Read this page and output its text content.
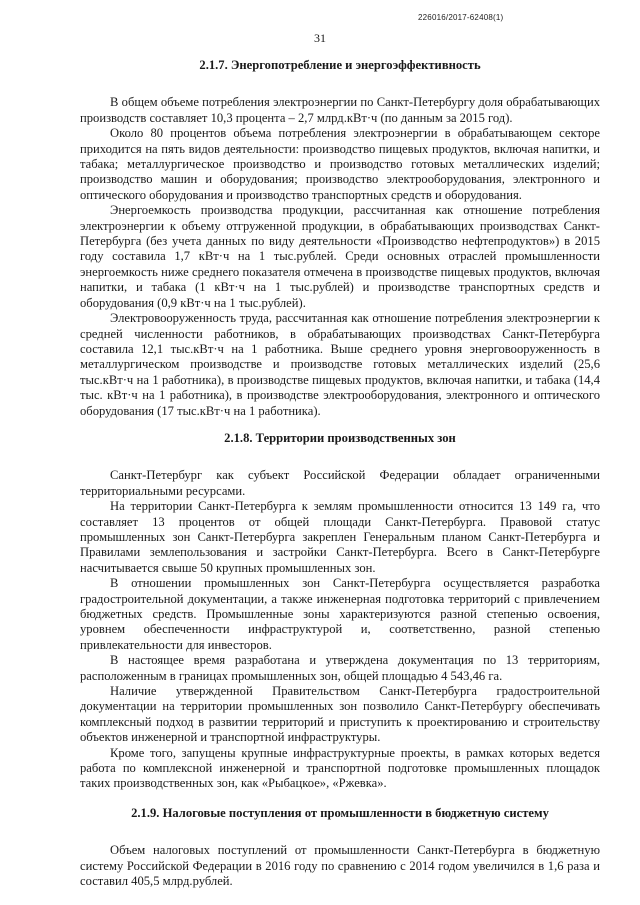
226016/2017-62408(1)
31
2.1.7. Энергопотребление и энергоэффективность

В общем объеме потребления электроэнергии по Санкт-Петербургу доля обрабатывающих производств составляет 10,3 процента – 2,7 млрд.кВт·ч (по данным за 2015 год).

Около 80 процентов объема потребления электроэнергии в обрабатывающем секторе приходится на пять видов деятельности: производство пищевых продуктов, включая напитки, и табака; металлургическое производство и производство готовых металлических изделий; производство машин и оборудования; производство электрооборудования, электронного и оптического оборудования и производство транспортных средств и оборудования.

Энергоемкость производства продукции, рассчитанная как отношение потребления электроэнергии к объему отгруженной продукции, в обрабатывающих производствах Санкт-Петербурга (без учета данных по виду деятельности «Производство нефтепродуктов») в 2015 году составила 1,7 кВт·ч на 1 тыс.рублей. Среди основных отраслей промышленности энергоемкость ниже среднего показателя отмечена в производстве пищевых продуктов, включая напитки, и табака (1 кВт·ч на 1 тыс.рублей) и производстве транспортных средств и оборудования (0,9 кВт·ч на 1 тыс.рублей).

Электровооруженность труда, рассчитанная как отношение потребления электроэнергии к средней численности работников, в обрабатывающих производствах Санкт-Петербурга составила 12,1 тыс.кВт·ч на 1 работника. Выше среднего уровня энерговооруженность в металлургическом производстве и производстве готовых металлических изделий (25,6 тыс.кВт·ч на 1 работника), в производстве пищевых продуктов, включая напитки, и табака (14,4 тыс. кВт·ч на 1 работника), в производстве электрооборудования, электронного и оптического оборудования (17 тыс.кВт·ч на 1 работника).

2.1.8. Территории производственных зон

Санкт-Петербург как субъект Российской Федерации обладает ограниченными территориальными ресурсами.

На территории Санкт-Петербурга к землям промышленности относится 13 149 га, что составляет 13 процентов от общей площади Санкт-Петербурга. Правовой статус промышленных зон Санкт-Петербурга закреплен Генеральным планом Санкт-Петербурга и Правилами землепользования и застройки Санкт-Петербурга. Всего в Санкт-Петербурге насчитывается свыше 50 крупных промышленных зон.

В отношении промышленных зон Санкт-Петербурга осуществляется разработка градостроительной документации, а также инженерная подготовка территорий с привлечением бюджетных средств. Промышленные зоны характеризуются разной степенью освоения, уровнем обеспеченности инфраструктурой и, соответственно, разной степенью привлекательности для инвесторов.

В настоящее время разработана и утверждена документация по 13 территориям, расположенным в границах промышленных зон, общей площадью 4 543,46 га.

Наличие утвержденной Правительством Санкт-Петербурга градостроительной документации на территории промышленных зон позволило Санкт-Петербургу обеспечивать комплексный подход в развитии территорий и приступить к проектированию и строительству объектов инженерной и транспортной инфраструктуры.

Кроме того, запущены крупные инфраструктурные проекты, в рамках которых ведется работа по комплексной инженерной и транспортной подготовке промышленных площадок таких производственных зон, как «Рыбацкое», «Ржевка».

2.1.9. Налоговые поступления от промышленности в бюджетную систему

Объем налоговых поступлений от промышленности Санкт-Петербурга в бюджетную систему Российской Федерации в 2016 году по сравнению с 2014 годом увеличился в 1,6 раза и составил 405,5 млрд.рублей.
